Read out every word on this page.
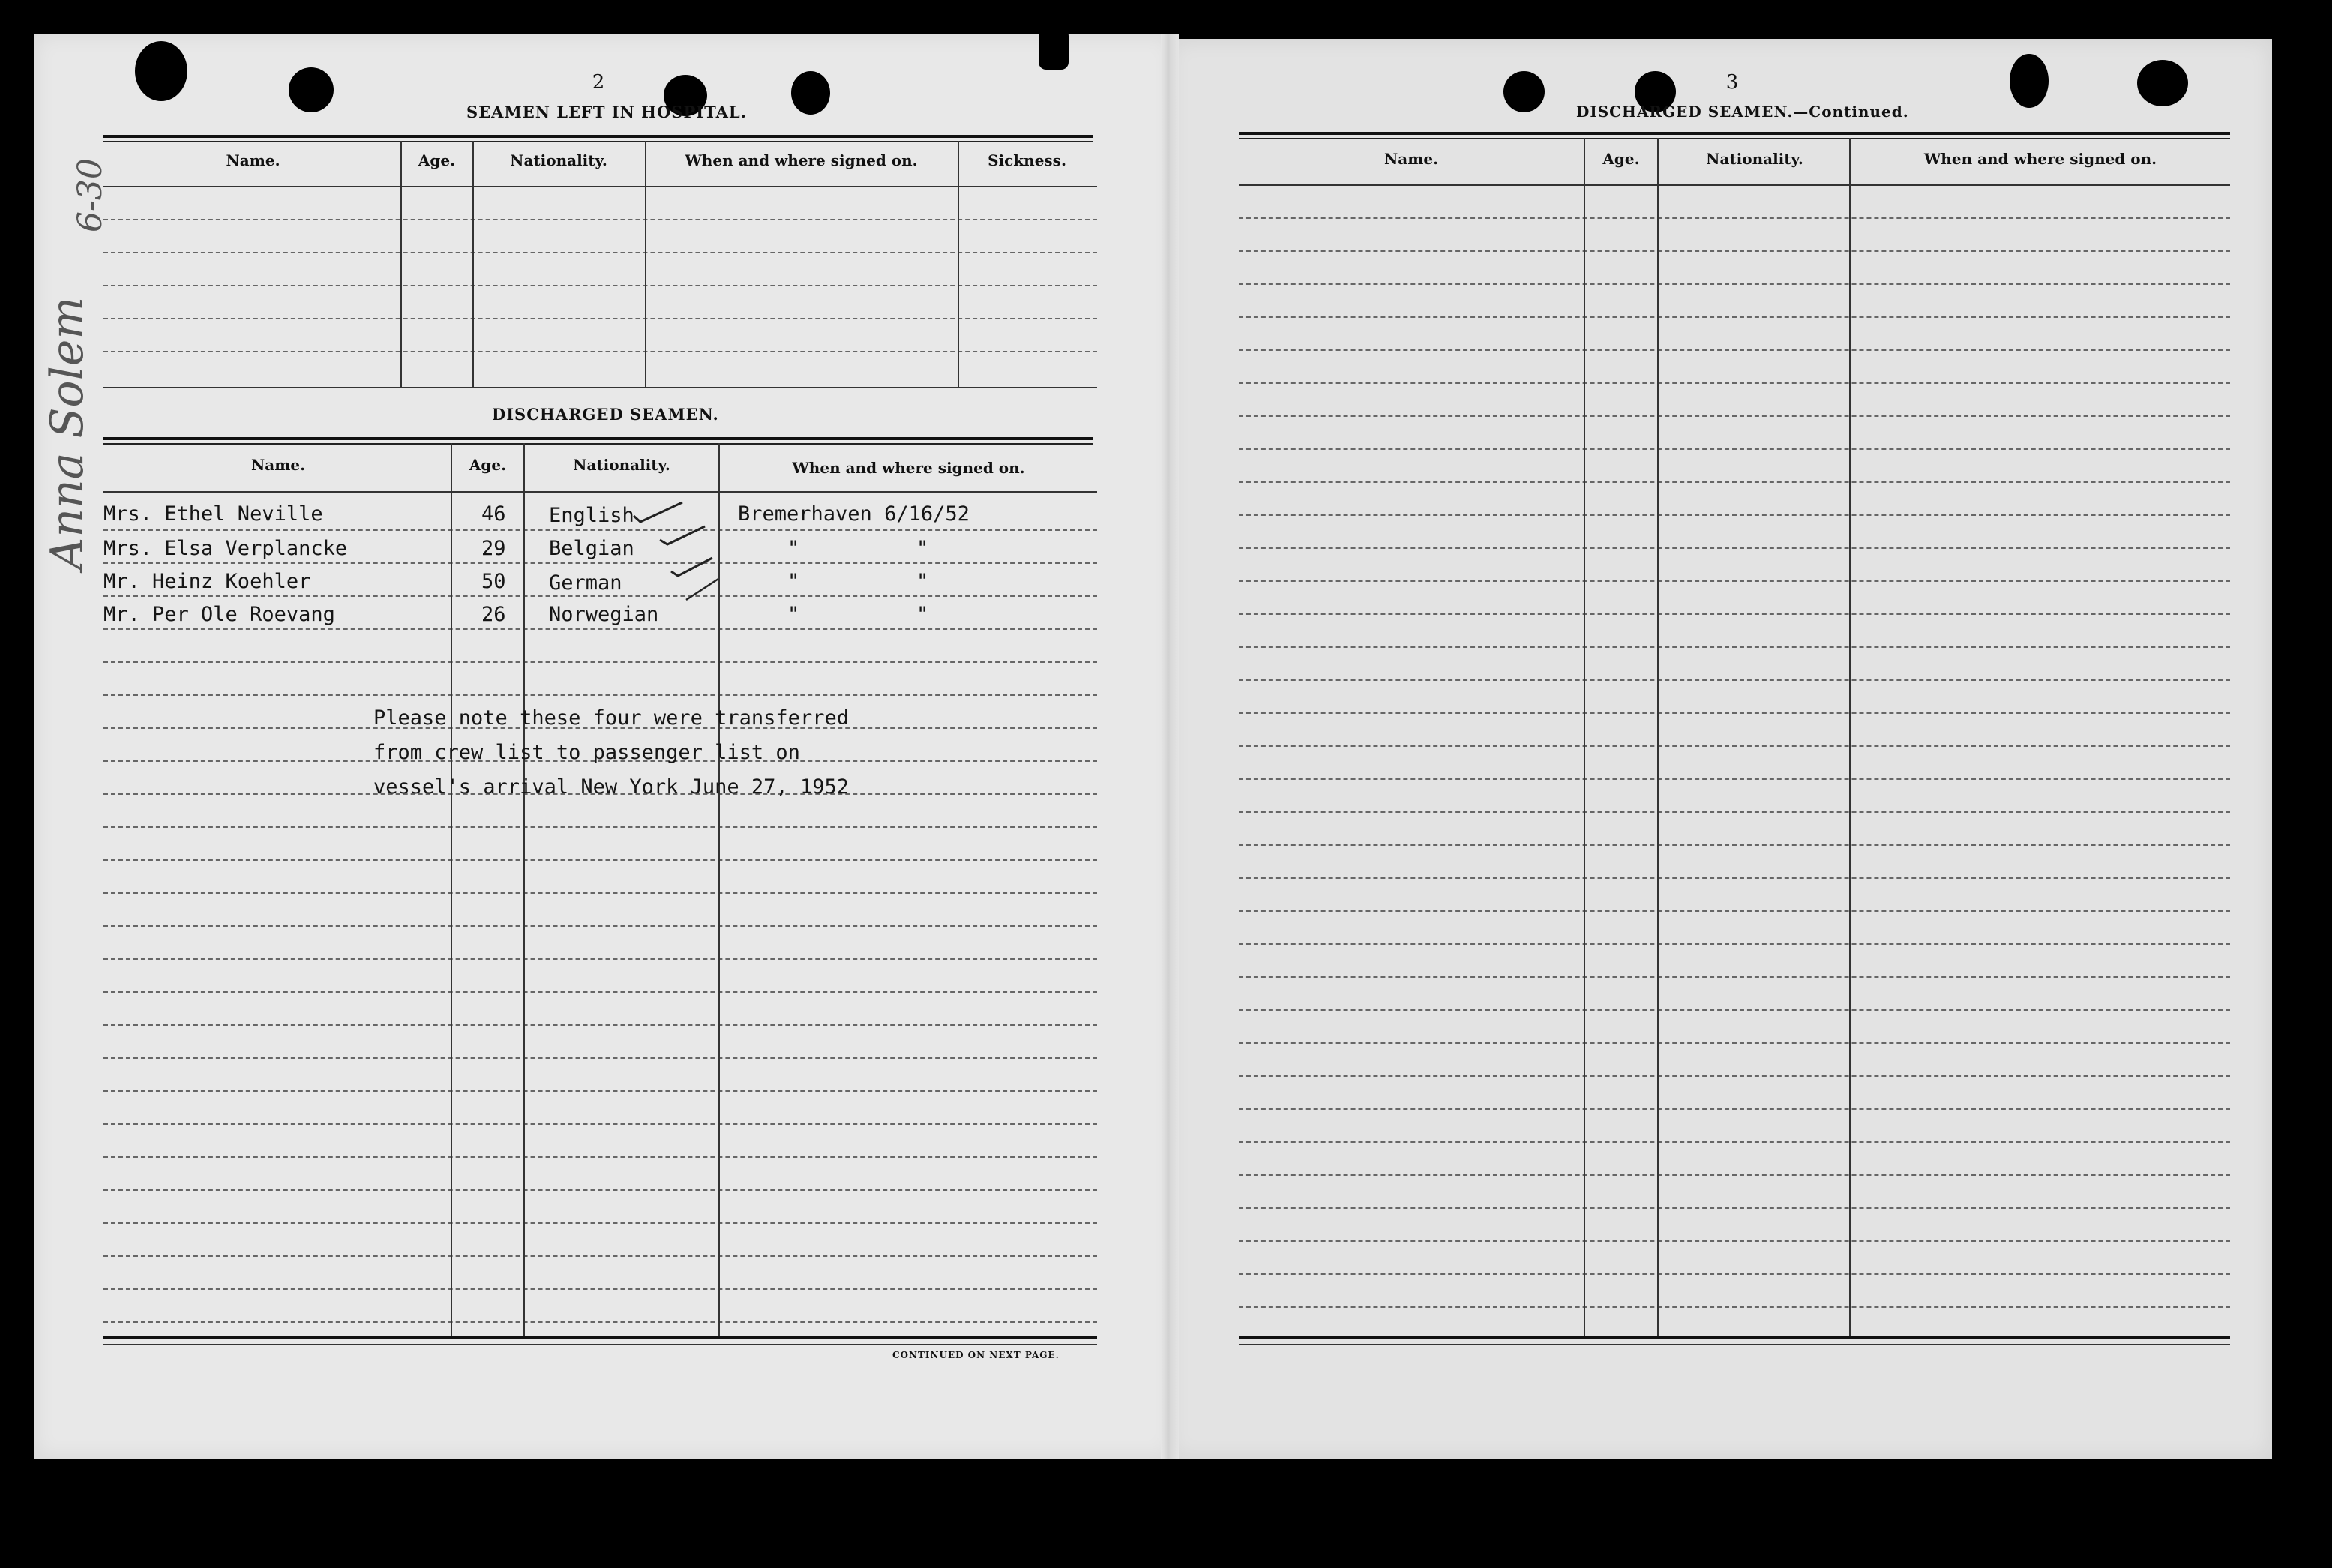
6-30
Anna Solem
2
SEAMEN LEFT IN HOSPITAL.
Name.	Age.	Nationality.	When and where signed on.	Sickness.
DISCHARGED SEAMEN.
Name.	Age.	Nationality.	When and where signed on.
Mrs. Ethel Neville	46 English	Bremerhaven 6/16/52
Mrs. Elsa Verplancke	29 Belgian	"	"
Mr. Heinz Koehler	50 German	"	"
Mr. Per Ole Roevang	26 Norwegian	"	"
Please note these four were transferred
from crew list to passenger list on
vessel's arrival New York June 27, 1952
CONTINUED ON NEXT PAGE.
3
DISCHARGED SEAMEN.—Continued.
Name.	Age.	Nationality.	When and where signed on.
